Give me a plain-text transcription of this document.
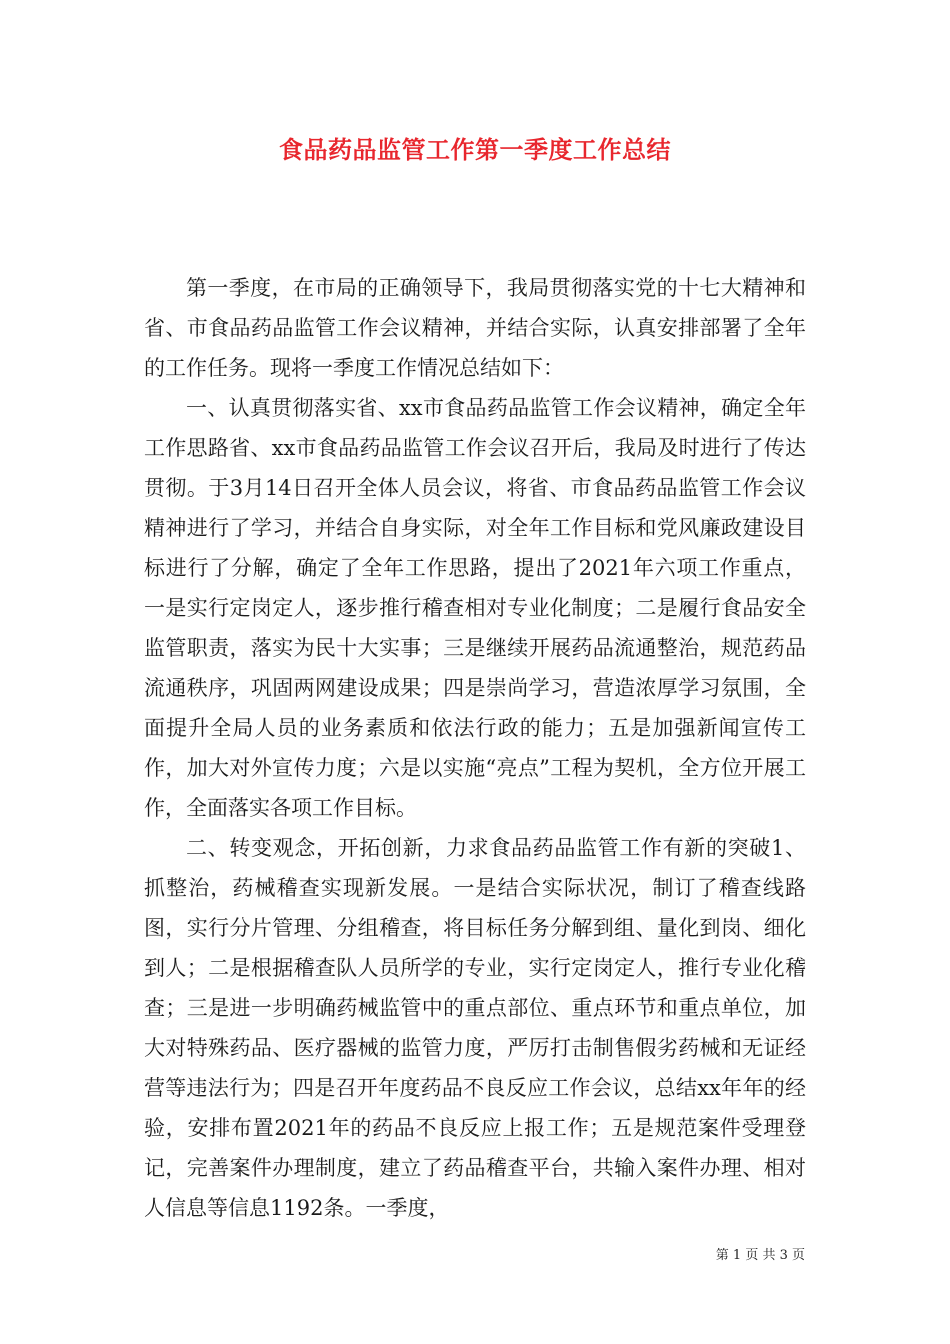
食品药品监管工作第一季度工作总结

第一季度，在市局的正确领导下，我局贯彻落实党的十七大精神和省、市食品药品监管工作会议精神，并结合实际，认真安排部署了全年的工作任务。现将一季度工作情况总结如下：

一、认真贯彻落实省、xx市食品药品监管工作会议精神，确定全年工作思路省、xx市食品药品监管工作会议召开后，我局及时进行了传达贯彻。于3月14日召开全体人员会议，将省、市食品药品监管工作会议精神进行了学习，并结合自身实际，对全年工作目标和党风廉政建设目标进行了分解，确定了全年工作思路，提出了2021年六项工作重点，一是实行定岗定人，逐步推行稽查相对专业化制度；二是履行食品安全监管职责，落实为民十大实事；三是继续开展药品流通整治，规范药品流通秩序，巩固两网建设成果；四是崇尚学习，营造浓厚学习氛围，全面提升全局人员的业务素质和依法行政的能力；五是加强新闻宣传工作，加大对外宣传力度；六是以实施“亮点”工程为契机，全方位开展工作，全面落实各项工作目标。

二、转变观念，开拓创新，力求食品药品监管工作有新的突破1、抓整治，药械稽查实现新发展。一是结合实际状况，制订了稽查线路图，实行分片管理、分组稽查，将目标任务分解到组、量化到岗、细化到人；二是根据稽查队人员所学的专业，实行定岗定人，推行专业化稽查；三是进一步明确药械监管中的重点部位、重点环节和重点单位，加大对特殊药品、医疗器械的监管力度，严厉打击制售假劣药械和无证经营等违法行为；四是召开年度药品不良反应工作会议，总结xx年年的经验，安排布置2021年的药品不良反应上报工作；五是规范案件受理登记，完善案件办理制度，建立了药品稽查平台，共输入案件办理、相对人信息等信息1192条。一季度，

第 1 页 共 3 页
